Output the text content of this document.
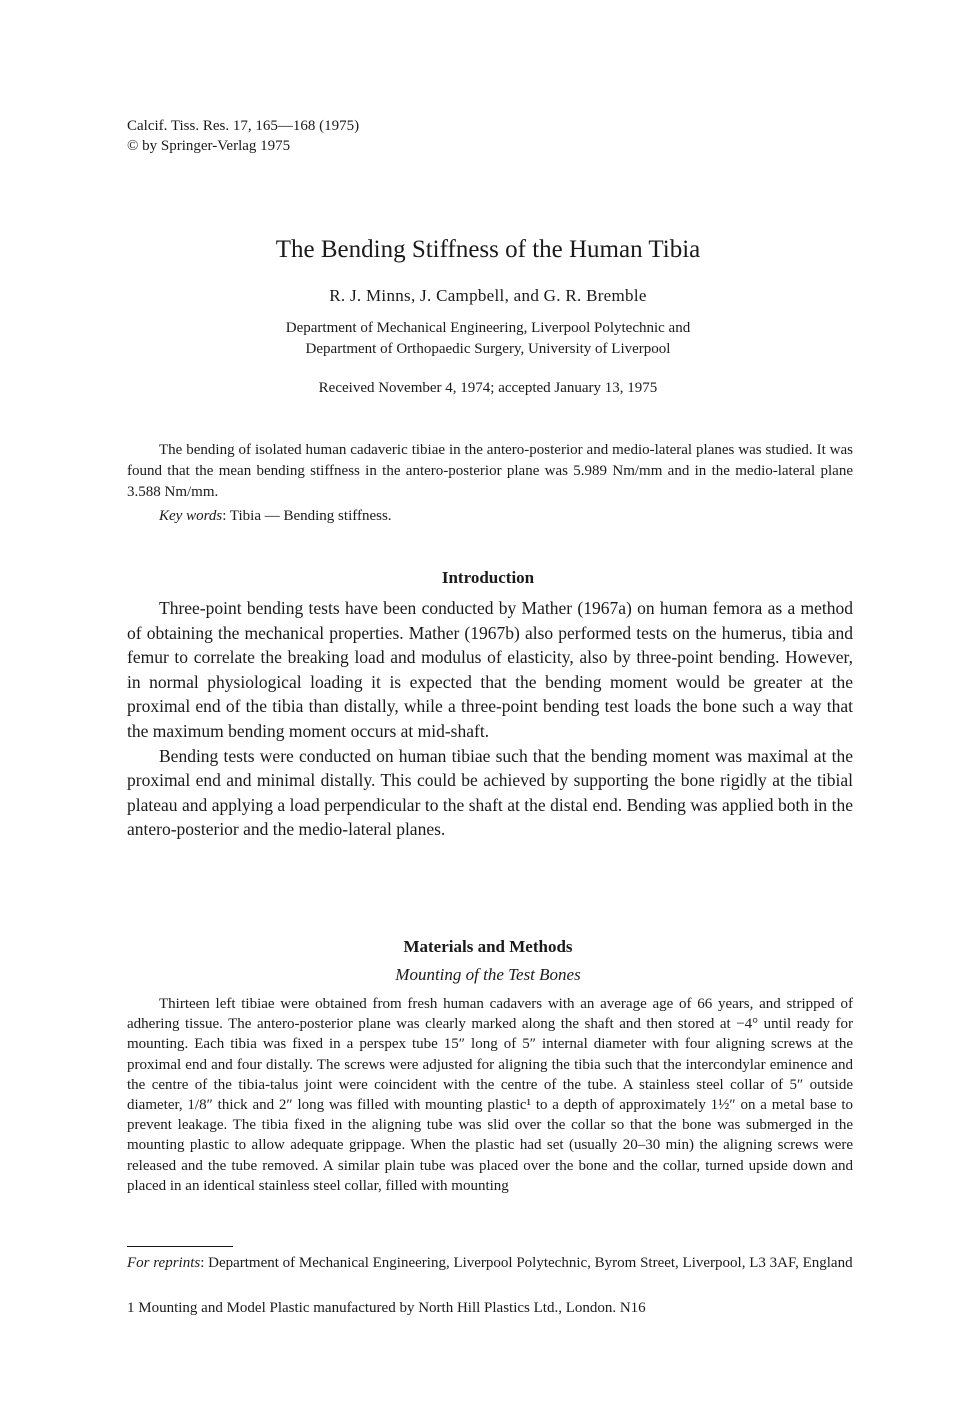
Calcif. Tiss. Res. 17, 165—168 (1975)
© by Springer-Verlag 1975
The Bending Stiffness of the Human Tibia
R. J. Minns, J. Campbell, and G. R. Bremble
Department of Mechanical Engineering, Liverpool Polytechnic and
Department of Orthopaedic Surgery, University of Liverpool
Received November 4, 1974; accepted January 13, 1975

The bending of isolated human cadaveric tibiae in the antero-posterior and medio-lateral planes was studied. It was found that the mean bending stiffness in the antero-posterior plane was 5.989 Nm/mm and in the medio-lateral plane 3.588 Nm/mm.

Key words: Tibia — Bending stiffness.
Introduction

Three-point bending tests have been conducted by Mather (1967a) on human femora as a method of obtaining the mechanical properties. Mather (1967b) also performed tests on the humerus, tibia and femur to correlate the breaking load and modulus of elasticity, also by three-point bending. However, in normal physiological loading it is expected that the bending moment would be greater at the proximal end of the tibia than distally, while a three-point bending test loads the bone such a way that the maximum bending moment occurs at mid-shaft.

Bending tests were conducted on human tibiae such that the bending moment was maximal at the proximal end and minimal distally. This could be achieved by supporting the bone rigidly at the tibial plateau and applying a load perpendicular to the shaft at the distal end. Bending was applied both in the antero-posterior and the medio-lateral planes.

Materials and Methods
Mounting of the Test Bones

Thirteen left tibiae were obtained from fresh human cadavers with an average age of 66 years, and stripped of adhering tissue. The antero-posterior plane was clearly marked along the shaft and then stored at −4° until ready for mounting. Each tibia was fixed in a perspex tube 15″ long of 5″ internal diameter with four aligning screws at the proximal end and four distally. The screws were adjusted for aligning the tibia such that the intercondylar eminence and the centre of the tibia-talus joint were coincident with the centre of the tube. A stainless steel collar of 5″ outside diameter, 1/8″ thick and 2″ long was filled with mounting plastic¹ to a depth of approximately 1½″ on a metal base to prevent leakage. The tibia fixed in the aligning tube was slid over the collar so that the bone was submerged in the mounting plastic to allow adequate grippage. When the plastic had set (usually 20–30 min) the aligning screws were released and the tube removed. A similar plain tube was placed over the bone and the collar, turned upside down and placed in an identical stainless steel collar, filled with mounting

For reprints: Department of Mechanical Engineering, Liverpool Polytechnic, Byrom Street, Liverpool, L3 3AF, England
1 Mounting and Model Plastic manufactured by North Hill Plastics Ltd., London. N16
